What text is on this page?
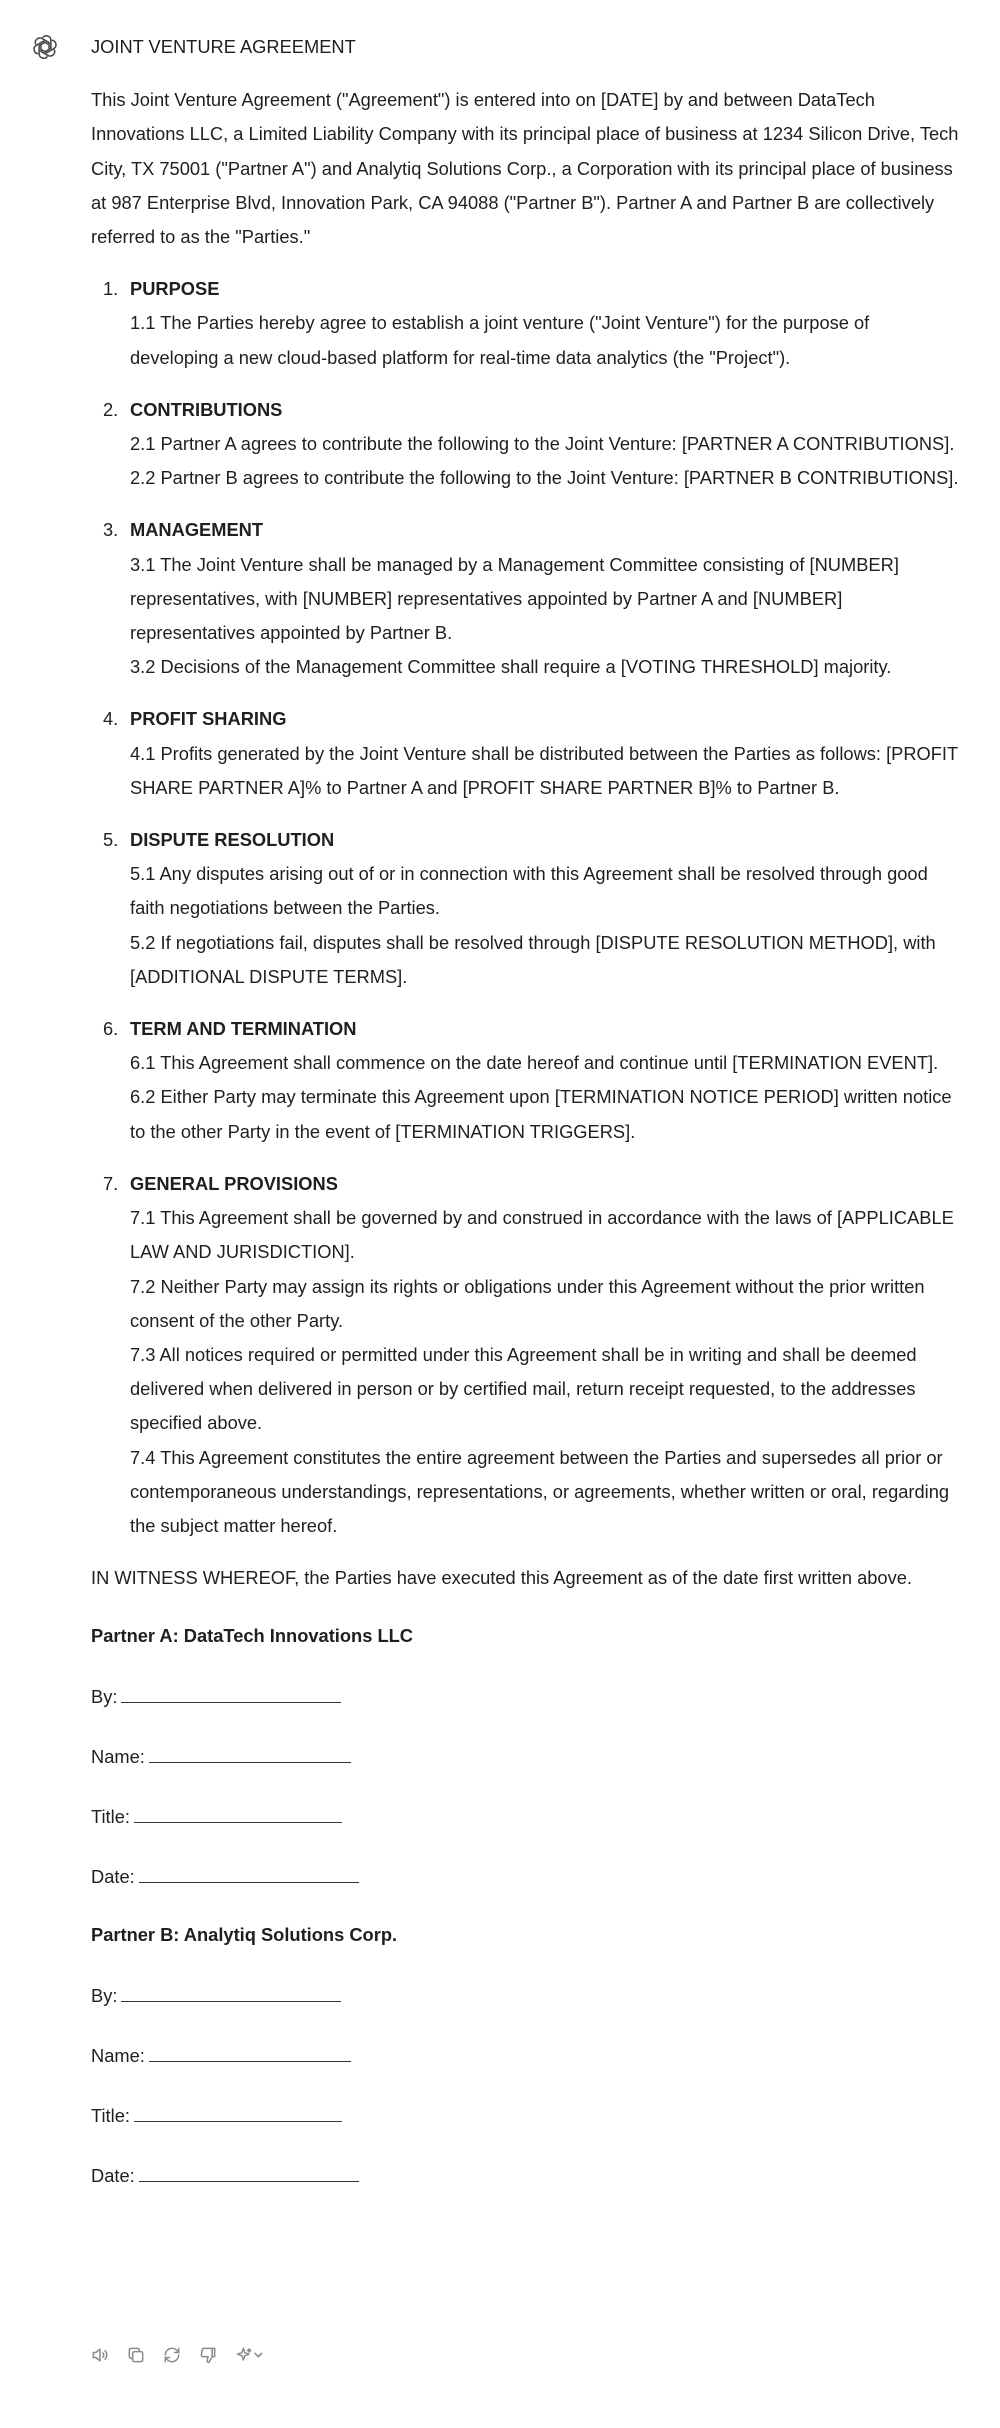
JOINT VENTURE AGREEMENT
This Joint Venture Agreement ("Agreement") is entered into on [DATE] by and between DataTech Innovations LLC, a Limited Liability Company with its principal place of business at 1234 Silicon Drive, Tech City, TX 75001 ("Partner A") and Analytiq Solutions Corp., a Corporation with its principal place of business at 987 Enterprise Blvd, Innovation Park, CA 94088 ("Partner B"). Partner A and Partner B are collectively referred to as the "Parties."
1. PURPOSE
1.1 The Parties hereby agree to establish a joint venture ("Joint Venture") for the purpose of developing a new cloud-based platform for real-time data analytics (the "Project").
2. CONTRIBUTIONS
2.1 Partner A agrees to contribute the following to the Joint Venture: [PARTNER A CONTRIBUTIONS].
2.2 Partner B agrees to contribute the following to the Joint Venture: [PARTNER B CONTRIBUTIONS].
3. MANAGEMENT
3.1 The Joint Venture shall be managed by a Management Committee consisting of [NUMBER] representatives, with [NUMBER] representatives appointed by Partner A and [NUMBER] representatives appointed by Partner B.
3.2 Decisions of the Management Committee shall require a [VOTING THRESHOLD] majority.
4. PROFIT SHARING
4.1 Profits generated by the Joint Venture shall be distributed between the Parties as follows: [PROFIT SHARE PARTNER A]% to Partner A and [PROFIT SHARE PARTNER B]% to Partner B.
5. DISPUTE RESOLUTION
5.1 Any disputes arising out of or in connection with this Agreement shall be resolved through good faith negotiations between the Parties.
5.2 If negotiations fail, disputes shall be resolved through [DISPUTE RESOLUTION METHOD], with [ADDITIONAL DISPUTE TERMS].
6. TERM AND TERMINATION
6.1 This Agreement shall commence on the date hereof and continue until [TERMINATION EVENT].
6.2 Either Party may terminate this Agreement upon [TERMINATION NOTICE PERIOD] written notice to the other Party in the event of [TERMINATION TRIGGERS].
7. GENERAL PROVISIONS
7.1 This Agreement shall be governed by and construed in accordance with the laws of [APPLICABLE LAW AND JURISDICTION].
7.2 Neither Party may assign its rights or obligations under this Agreement without the prior written consent of the other Party.
7.3 All notices required or permitted under this Agreement shall be in writing and shall be deemed delivered when delivered in person or by certified mail, return receipt requested, to the addresses specified above.
7.4 This Agreement constitutes the entire agreement between the Parties and supersedes all prior or contemporaneous understandings, representations, or agreements, whether written or oral, regarding the subject matter hereof.
IN WITNESS WHEREOF, the Parties have executed this Agreement as of the date first written above.
Partner A: DataTech Innovations LLC
By:
Name:
Title:
Date:
Partner B: Analytiq Solutions Corp.
By:
Name:
Title:
Date:
